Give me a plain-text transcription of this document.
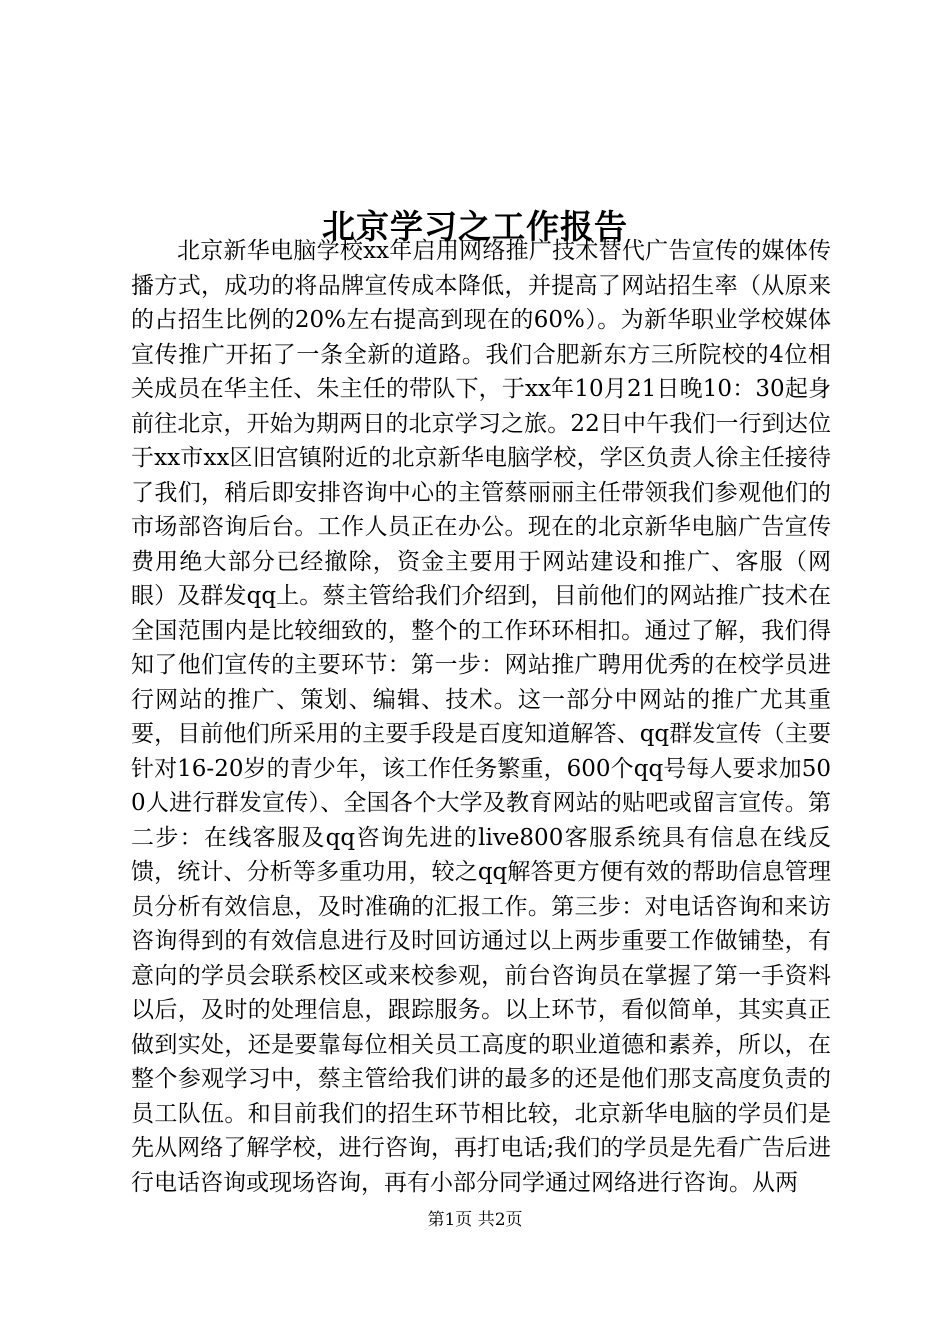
北京学习之工作报告

北京新华电脑学校xx年启用网络推广技术替代广告宣传的媒体传播方式，成功的将品牌宣传成本降低，并提高了网站招生率（从原来的占招生比例的20%左右提高到现在的60%）。为新华职业学校媒体宣传推广开拓了一条全新的道路。我们合肥新东方三所院校的4位相关成员在华主任、朱主任的带队下，于xx年10月21日晚10：30起身前往北京，开始为期两日的北京学习之旅。22日中午我们一行到达位于xx市xx区旧宫镇附近的北京新华电脑学校，学区负责人徐主任接待了我们，稍后即安排咨询中心的主管蔡丽丽主任带领我们参观他们的市场部咨询后台。工作人员正在办公。现在的北京新华电脑广告宣传费用绝大部分已经撤除，资金主要用于网站建设和推广、客服（网眼）及群发qq上。蔡主管给我们介绍到，目前他们的网站推广技术在全国范围内是比较细致的，整个的工作环环相扣。通过了解，我们得知了他们宣传的主要环节：第一步：网站推广聘用优秀的在校学员进行网站的推广、策划、编辑、技术。这一部分中网站的推广尤其重要，目前他们所采用的主要手段是百度知道解答、qq群发宣传（主要针对16-20岁的青少年，该工作任务繁重，600个qq号每人要求加500人进行群发宣传）、全国各个大学及教育网站的贴吧或留言宣传。第二步：在线客服及qq咨询先进的live800客服系统具有信息在线反馈，统计、分析等多重功用，较之qq解答更方便有效的帮助信息管理员分析有效信息，及时准确的汇报工作。第三步：对电话咨询和来访咨询得到的有效信息进行及时回访通过以上两步重要工作做铺垫，有意向的学员会联系校区或来校参观，前台咨询员在掌握了第一手资料以后，及时的处理信息，跟踪服务。以上环节，看似简单，其实真正做到实处，还是要靠每位相关员工高度的职业道德和素养，所以，在整个参观学习中，蔡主管给我们讲的最多的还是他们那支高度负责的员工队伍。和目前我们的招生环节相比较，北京新华电脑的学员们是先从网络了解学校，进行咨询，再打电话;我们的学员是先看广告后进行电话咨询或现场咨询，再有小部分同学通过网络进行咨询。从两

第1页 共2页
